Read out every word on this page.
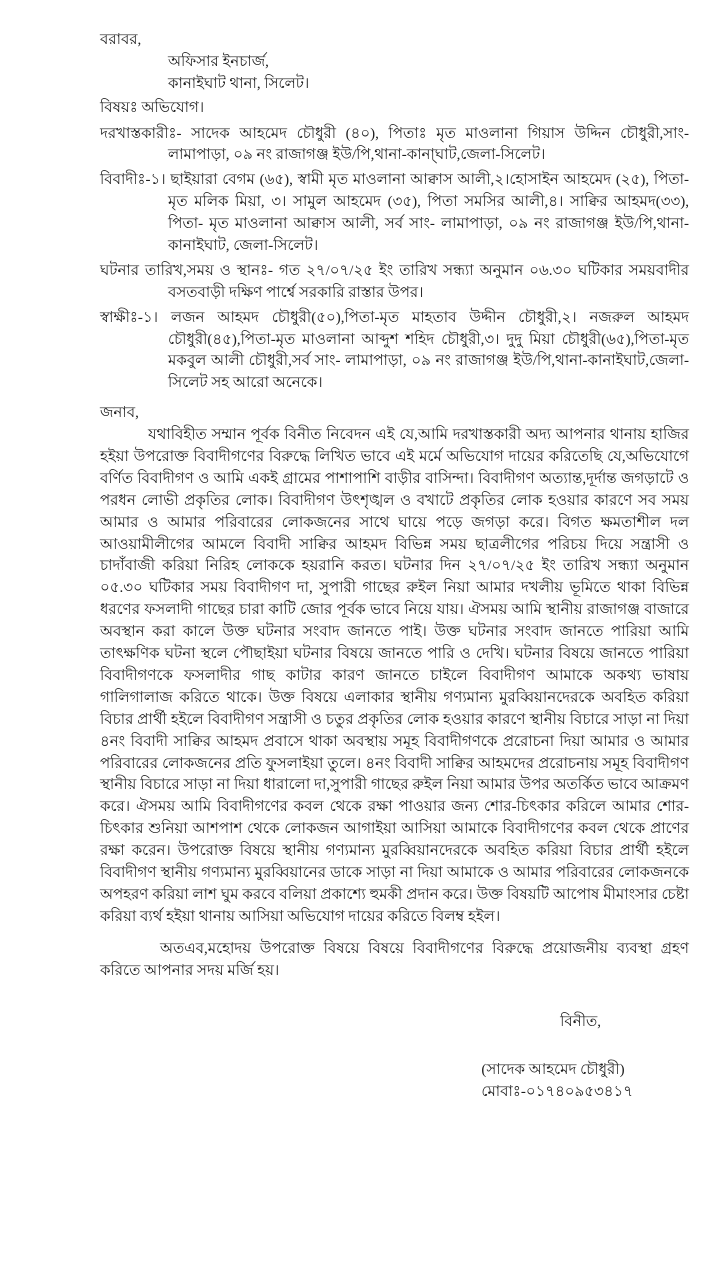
বরাবর,
অফিসার ইনচার্জ,
কানাইঘাট থানা, সিলেট।
বিষয়ঃ অভিযোগ।

দরখাস্তকারীঃ- সাদেক আহমেদ চৌধুরী (৪০), পিতাঃ মৃত মাওলানা গিয়াস উদ্দিন চৌধুরী,সাং- লামাপাড়া, ০৯ নং রাজাগঞ্জ ইউ/পি,থানা-কানা্ঘাট,জেলা-সিলেট।

বিবাদীঃ-১। ছাইয়ারা বেগম (৬৫), স্বামী মৃত মাওলানা আক্বাস আলী,২।হোসাইন আহমেদ (২৫), পিতা-মৃত মলিক মিয়া, ৩। সামুল আহমেদ (৩৫), পিতা সমসির আলী,৪। সাক্বির আহমদ(৩৩), পিতা- মৃত মাওলানা আক্বাস আলী, সর্ব সাং- লামাপাড়া, ০৯ নং রাজাগঞ্জ ইউ/পি,থানা- কানাইঘাট, জেলা-সিলেট।

ঘটনার তারিখ,সময় ও স্থানঃ- গত ২৭/০৭/২৫ ইং তারিখ সন্ধ্যা অনুমান ০৬.৩০ ঘটিকার সময়বাদীর বসতবাড়ী দক্ষিণ পার্শ্বে সরকারি রাস্তার উপর।

স্বাক্ষীঃ-১। লজন আহমদ চৌধুরী(৫০),পিতা-মৃত মাহতাব উদ্দীন চৌধুরী,২। নজরুল আহমদ চৌধুরী(৪৫),পিতা-মৃত মাওলানা আব্দুশ শহিদ চৌধুরী,৩। দুদু মিয়া চৌধুরী(৬৫),পিতা-মৃত মকবুল আলী চৌধুরী,সর্ব সাং- লামাপাড়া, ০৯ নং রাজাগঞ্জ ইউ/পি,থানা-কানাইঘাট,জেলা-সিলেট সহ আরো অনেকে।

জনাব,

যথাবিহীত সম্মান পূর্বক বিনীত নিবেদন এই যে,আমি দরখাস্তকারী অদ্য আপনার থানায় হাজির হইয়া উপরোক্ত বিবাদীগণের বিরুদ্ধে লিখিত ভাবে এই মর্মে অভিযোগ দায়ের করিতেছি যে,অভিযোগে বর্ণিত বিবাদীগণ ও আমি একই গ্রামের পাশাপাশি বাড়ীর বাসিন্দা। বিবাদীগণ অত্যান্ত,দূর্দান্ত জগড়াটে ও পরধন লোভী প্রকৃতির লোক। বিবাদীগণ উৎশৃঙ্খল ও বখাটে প্রকৃতির লোক হওয়ার কারণে সব সময় আমার ও আমার পরিবারের লোকজনের সাথে ঘায়ে পড়ে জগড়া করে। বিগত ক্ষমতাশীল দল আওয়ামীলীগের আমলে বিবাদী সাক্বির আহমদ বিভিন্ন সময় ছাত্রলীগের পরিচয় দিয়ে সন্ত্রাসী ও চাদাঁবাজী করিয়া নিরিহ লোককে হয়রানি করত। ঘটনার দিন ২৭/০৭/২৫ ইং তারিখ সন্ধ্যা অনুমান ০৫.৩০ ঘটিকার সময় বিবাদীগণ দা, সুপারী গাছের রুইল নিয়া আমার দখলীয় ভূমিতে থাকা বিভিন্ন ধরণের ফসলাদী গাছের চারা কাটি জোর পূর্বক ভাবে নিয়ে যায়। ঐসময় আমি স্থানীয় রাজাগঞ্জ বাজারে অবস্থান করা কালে উক্ত ঘটনার সংবাদ জানতে পাই। উক্ত ঘটনার সংবাদ জানতে পারিয়া আমি তাৎক্ষণিক ঘটনা স্থলে পৌছাইয়া ঘটনার বিষয়ে জানতে পারি ও দেখি। ঘটনার বিষয়ে জানতে পারিয়া বিবাদীগণকে ফসলাদীর গাছ কাটার কারণ জানতে চাইলে বিবাদীগণ আমাকে অকথ্য ভাষায় গালিগালাজ করিতে থাকে। উক্ত বিষয়ে এলাকার স্থানীয় গণ্যমান্য মুরব্বিয়ানদেরকে অবহিত করিয়া বিচার প্রার্থী হইলে বিবাদীগণ সন্ত্রাসী ও চতুর প্রকৃতির লোক হওয়ার কারণে স্থানীয় বিচারে সাড়া না দিয়া ৪নং বিবাদী সাক্বির আহমদ প্রবাসে থাকা অবস্থায় সমূহ বিবাদীগণকে প্ররোচনা দিয়া আমার ও আমার পরিবারের লোকজনের প্রতি ফুসলাইয়া তুলে। ৪নং বিবাদী সাক্বির আহমদের প্ররোচনায় সমূহ বিবাদীগণ স্থানীয় বিচারে সাড়া না দিয়া ধারালো দা,সুপারী গাছের রুইল নিয়া আমার উপর অতর্কিত ভাবে আক্রমণ করে। ঐসময় আমি বিবাদীগণের কবল থেকে রক্ষা পাওয়ার জন্য শোর-চিৎকার করিলে আমার শোর-চিৎকার শুনিয়া আশপাশ থেকে লোকজন আগাইয়া আসিয়া আমাকে বিবাদীগণের কবল থেকে প্রাণের রক্ষা করেন। উপরোক্ত বিষয়ে স্থানীয় গণ্যমান্য মুরব্বিয়ানদেরকে অবহিত করিয়া বিচার প্রার্থী হইলে বিবাদীগণ স্থানীয় গণ্যমান্য মুরব্বিয়ানের ডাকে সাড়া না দিয়া আমাকে ও আমার পরিবারের লোকজনকে অপহরণ করিয়া লাশ ঘুম করবে বলিয়া প্রকাশ্যে হুমকী প্রদান করে। উক্ত বিষয়টি আপোষ মীমাংসার চেষ্টা করিয়া ব্যর্থ হইয়া থানায় আসিয়া অভিযোগ দায়ের করিতে বিলম্ব হইল।

অতএব,মহোদয় উপরোক্ত বিষয়ে বিষয়ে বিবাদীগণের বিরুদ্ধে প্রয়োজনীয় ব্যবস্থা গ্রহণ করিতে আপনার সদয় মর্জি হয়।

বিনীত,
(সাদেক আহমেদ চৌধুরী)
মোবাঃ-০১৭৪০৯৫৩৪১৭
